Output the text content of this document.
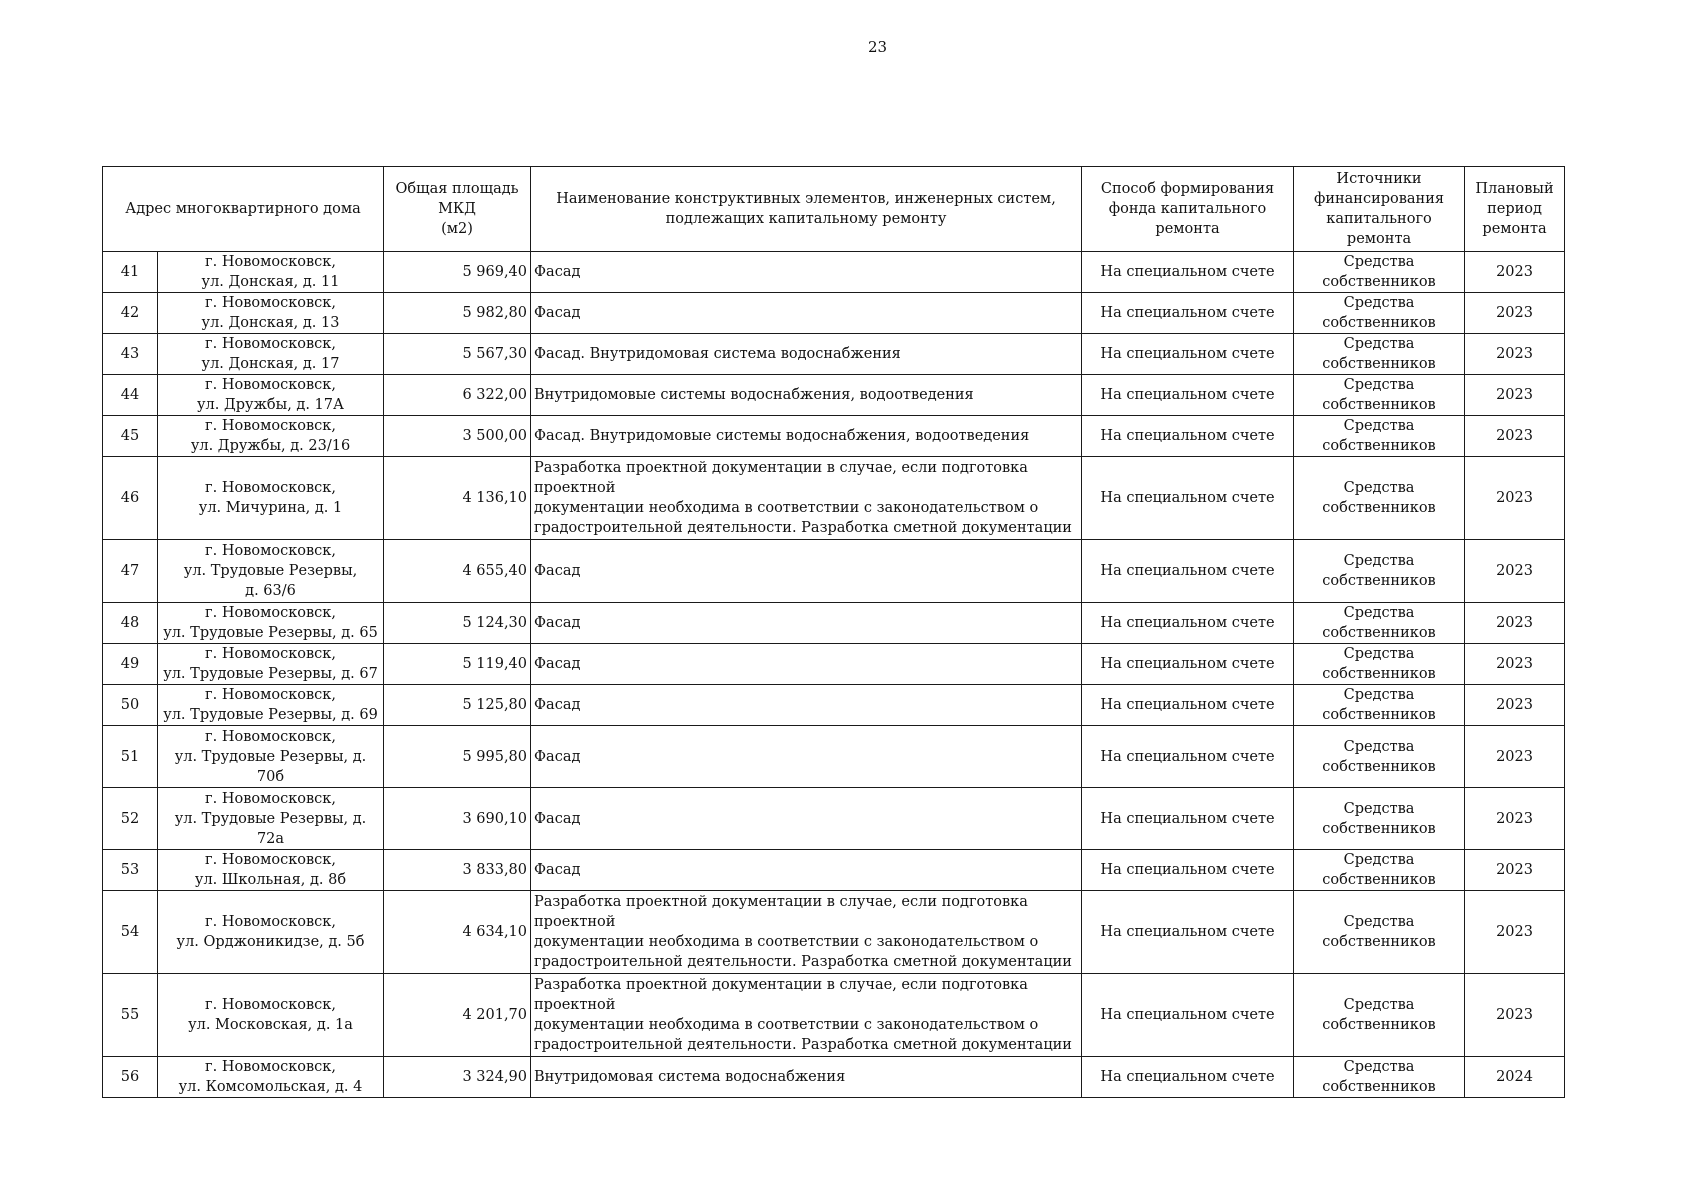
23
Адрес многоквартирного дома		Общая площадь
МКД
(м2)	Наименование конструктивных элементов, инженерных систем,
подлежащих капитальному ремонту	Способ формирования
фонда капитального
ремонта	Источники
финансирования
капитального ремонта	Плановый
период
ремонта
41	г. Новомосковск,
ул. Донская, д. 11	5 969,40	Фасад	На специальном счете	Средства
собственников	2023
42	г. Новомосковск,
ул. Донская, д. 13	5 982,80	Фасад	На специальном счете	Средства
собственников	2023
43	г. Новомосковск,
ул. Донская, д. 17	5 567,30	Фасад. Внутридомовая система водоснабжения	На специальном счете	Средства
собственников	2023
44	г. Новомосковск,
ул. Дружбы, д. 17А	6 322,00	Внутридомовые системы водоснабжения, водоотведения	На специальном счете	Средства
собственников	2023
45	г. Новомосковск,
ул. Дружбы, д. 23/16	3 500,00	Фасад. Внутридомовые системы водоснабжения, водоотведения	На специальном счете	Средства
собственников	2023
46	г. Новомосковск,
ул. Мичурина, д. 1	4 136,10	Разработка проектной документации в случае, если подготовка проектной
документации необходима в соответствии с законодательством о
градостроительной деятельности. Разработка сметной документации	На специальном счете	Средства
собственников	2023
47	г. Новомосковск,
ул. Трудовые Резервы,
д. 63/6	4 655,40	Фасад	На специальном счете	Средства
собственников	2023
48	г. Новомосковск,
ул. Трудовые Резервы, д. 65	5 124,30	Фасад	На специальном счете	Средства
собственников	2023
49	г. Новомосковск,
ул. Трудовые Резервы, д. 67	5 119,40	Фасад	На специальном счете	Средства
собственников	2023
50	г. Новомосковск,
ул. Трудовые Резервы, д. 69	5 125,80	Фасад	На специальном счете	Средства
собственников	2023
51	г. Новомосковск,
ул. Трудовые Резервы, д. 70б	5 995,80	Фасад	На специальном счете	Средства
собственников	2023
52	г. Новомосковск,
ул. Трудовые Резервы, д. 72а	3 690,10	Фасад	На специальном счете	Средства
собственников	2023
53	г. Новомосковск,
ул. Школьная, д. 8б	3 833,80	Фасад	На специальном счете	Средства
собственников	2023
54	г. Новомосковск,
ул. Орджоникидзе, д. 5б	4 634,10	Разработка проектной документации в случае, если подготовка проектной
документации необходима в соответствии с законодательством о
градостроительной деятельности. Разработка сметной документации	На специальном счете	Средства
собственников	2023
55	г. Новомосковск,
ул. Московская, д. 1а	4 201,70	Разработка проектной документации в случае, если подготовка проектной
документации необходима в соответствии с законодательством о
градостроительной деятельности. Разработка сметной документации	На специальном счете	Средства
собственников	2023
56	г. Новомосковск,
ул. Комсомольская, д. 4	3 324,90	Внутридомовая система водоснабжения	На специальном счете	Средства
собственников	2024
